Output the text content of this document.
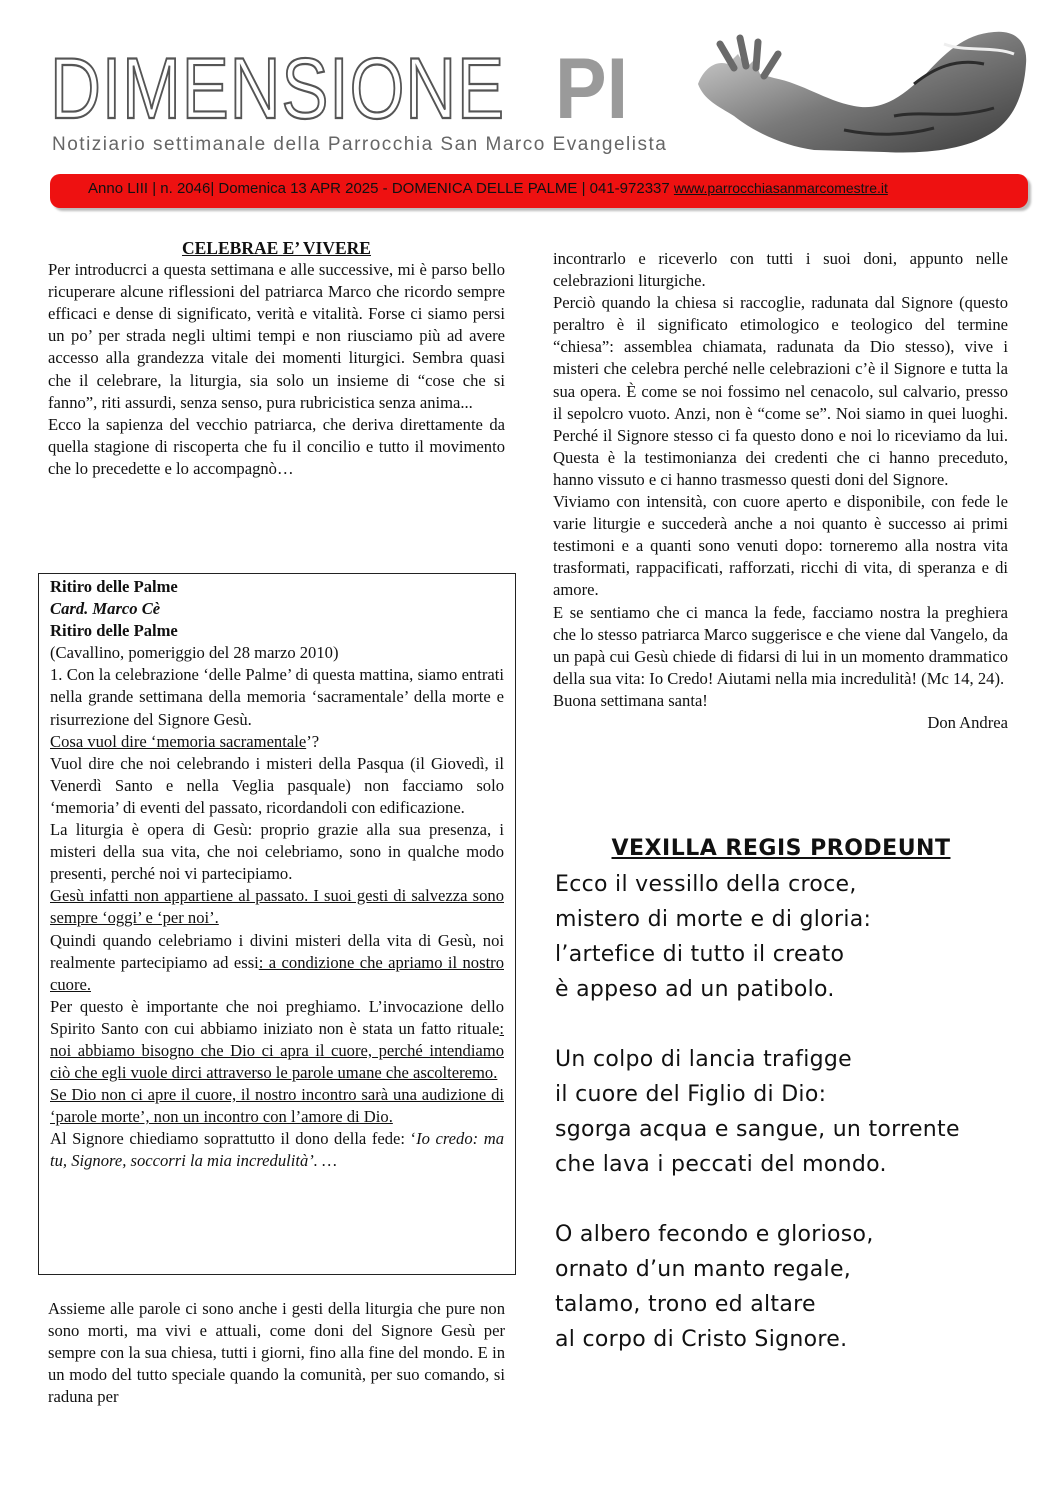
DIMENSIONE PI
Notiziario settimanale della Parrocchia San Marco Evangelista
Anno LIII | n. 2046| Domenica 13 APR 2025 - DOMENICA DELLE PALME | 041-972337 www.parrocchiasanmarcomestre.it

CELEBRAE E’ VIVERE

Per introducrci a questa settimana e alle successive, mi è parso bello ricuperare alcune riflessioni del patriarca Marco che ricordo sempre efficaci e dense di significato, verità e vitalità. Forse ci siamo persi un po’ per strada negli ultimi tempi e non riusciamo più ad avere accesso alla grandezza vitale dei momenti liturgici. Sembra quasi che il celebrare, la liturgia, sia solo un insieme di “cose che si fanno”, riti assurdi, senza senso, pura rubricistica senza anima...

Ecco la sapienza del vecchio patriarca, che deriva direttamente da quella stagione di riscoperta che fu il concilio e tutto il movimento che lo precedette e lo accompagnò…

Ritiro delle Palme

Card. Marco Cè

Ritiro delle Palme

(Cavallino, pomeriggio del 28 marzo 2010)

1. Con la celebrazione ‘delle Palme’ di questa mattina, siamo entrati nella grande settimana della memoria ‘sacramentale’ della morte e risurrezione del Signore Gesù.

Cosa vuol dire ‘memoria sacramentale’?

Vuol dire che noi celebrando i misteri della Pasqua (il Giovedì, il Venerdì Santo e nella Veglia pasquale) non facciamo solo ‘memoria’ di eventi del passato, ricordandoli con edificazione.

La liturgia è opera di Gesù: proprio grazie alla sua presenza, i misteri della sua vita, che noi celebriamo, sono in qualche modo presenti, perché noi vi partecipiamo.

Gesù infatti non appartiene al passato. I suoi gesti di salvezza sono sempre ‘oggi’ e ‘per noi’.

Quindi quando celebriamo i divini misteri della vita di Gesù, noi realmente partecipiamo ad essi: a condizione che apriamo il nostro cuore.

Per questo è importante che noi preghiamo. L’invocazione dello Spirito Santo con cui abbiamo iniziato non è stata un fatto rituale: noi abbiamo bisogno che Dio ci apra il cuore, perché intendiamo ciò che egli vuole dirci attraverso le parole umane che ascolteremo.

Se Dio non ci apre il cuore, il nostro incontro sarà una audizione di ‘parole morte’, non un incontro con l’amore di Dio.

Al Signore chiediamo soprattutto il dono della fede: ‘Io credo: ma tu, Signore, soccorri la mia incredulità’. …

Assieme alle parole ci sono anche i gesti della liturgia che pure non sono morti, ma vivi e attuali, come doni del Signore Gesù per sempre con la sua chiesa, tutti i giorni, fino alla fine del mondo. E in un modo del tutto speciale quando la comunità, per suo comando, si raduna per

incontrarlo e riceverlo con tutti i suoi doni, appunto nelle celebrazioni liturgiche.

Perciò quando la chiesa si raccoglie, radunata dal Signore (questo peraltro è il significato etimologico e teologico del termine “chiesa”: assemblea chiamata, radunata da Dio stesso), vive i misteri che celebra perché nelle celebrazioni c’è il Signore e tutta la sua opera. È come se noi fossimo nel cenacolo, sul calvario, presso il sepolcro vuoto. Anzi, non è “come se”. Noi siamo in quei luoghi. Perché il Signore stesso ci fa questo dono e noi lo riceviamo da lui. Questa è la testimonianza dei credenti che ci hanno preceduto, hanno vissuto e ci hanno trasmesso questi doni del Signore.

Viviamo con intensità, con cuore aperto e disponibile, con fede le varie liturgie e succederà anche a noi quanto è successo ai primi testimoni e a quanti sono venuti dopo: torneremo alla nostra vita trasformati, rappacificati, rafforzati, ricchi di vita, di speranza e di amore.

E se sentiamo che ci manca la fede, facciamo nostra la preghiera che lo stesso patriarca Marco suggerisce e che viene dal Vangelo, da un papà cui Gesù chiede di fidarsi di lui in un momento drammatico della sua vita: Io Credo! Aiutami nella mia incredulità! (Mc 14, 24).

Buona settimana santa!

Don Andrea

VEXILLA REGIS PRODEUNT

Ecco il vessillo della croce,
mistero di morte e di gloria:
l’artefice di tutto il creato
è appeso ad un patibolo.
Un colpo di lancia trafigge
il cuore del Figlio di Dio:
sgorga acqua e sangue, un torrente
che lava i peccati del mondo.
O albero fecondo e glorioso,
ornato d’un manto regale,
talamo, trono ed altare
al corpo di Cristo Signore.
